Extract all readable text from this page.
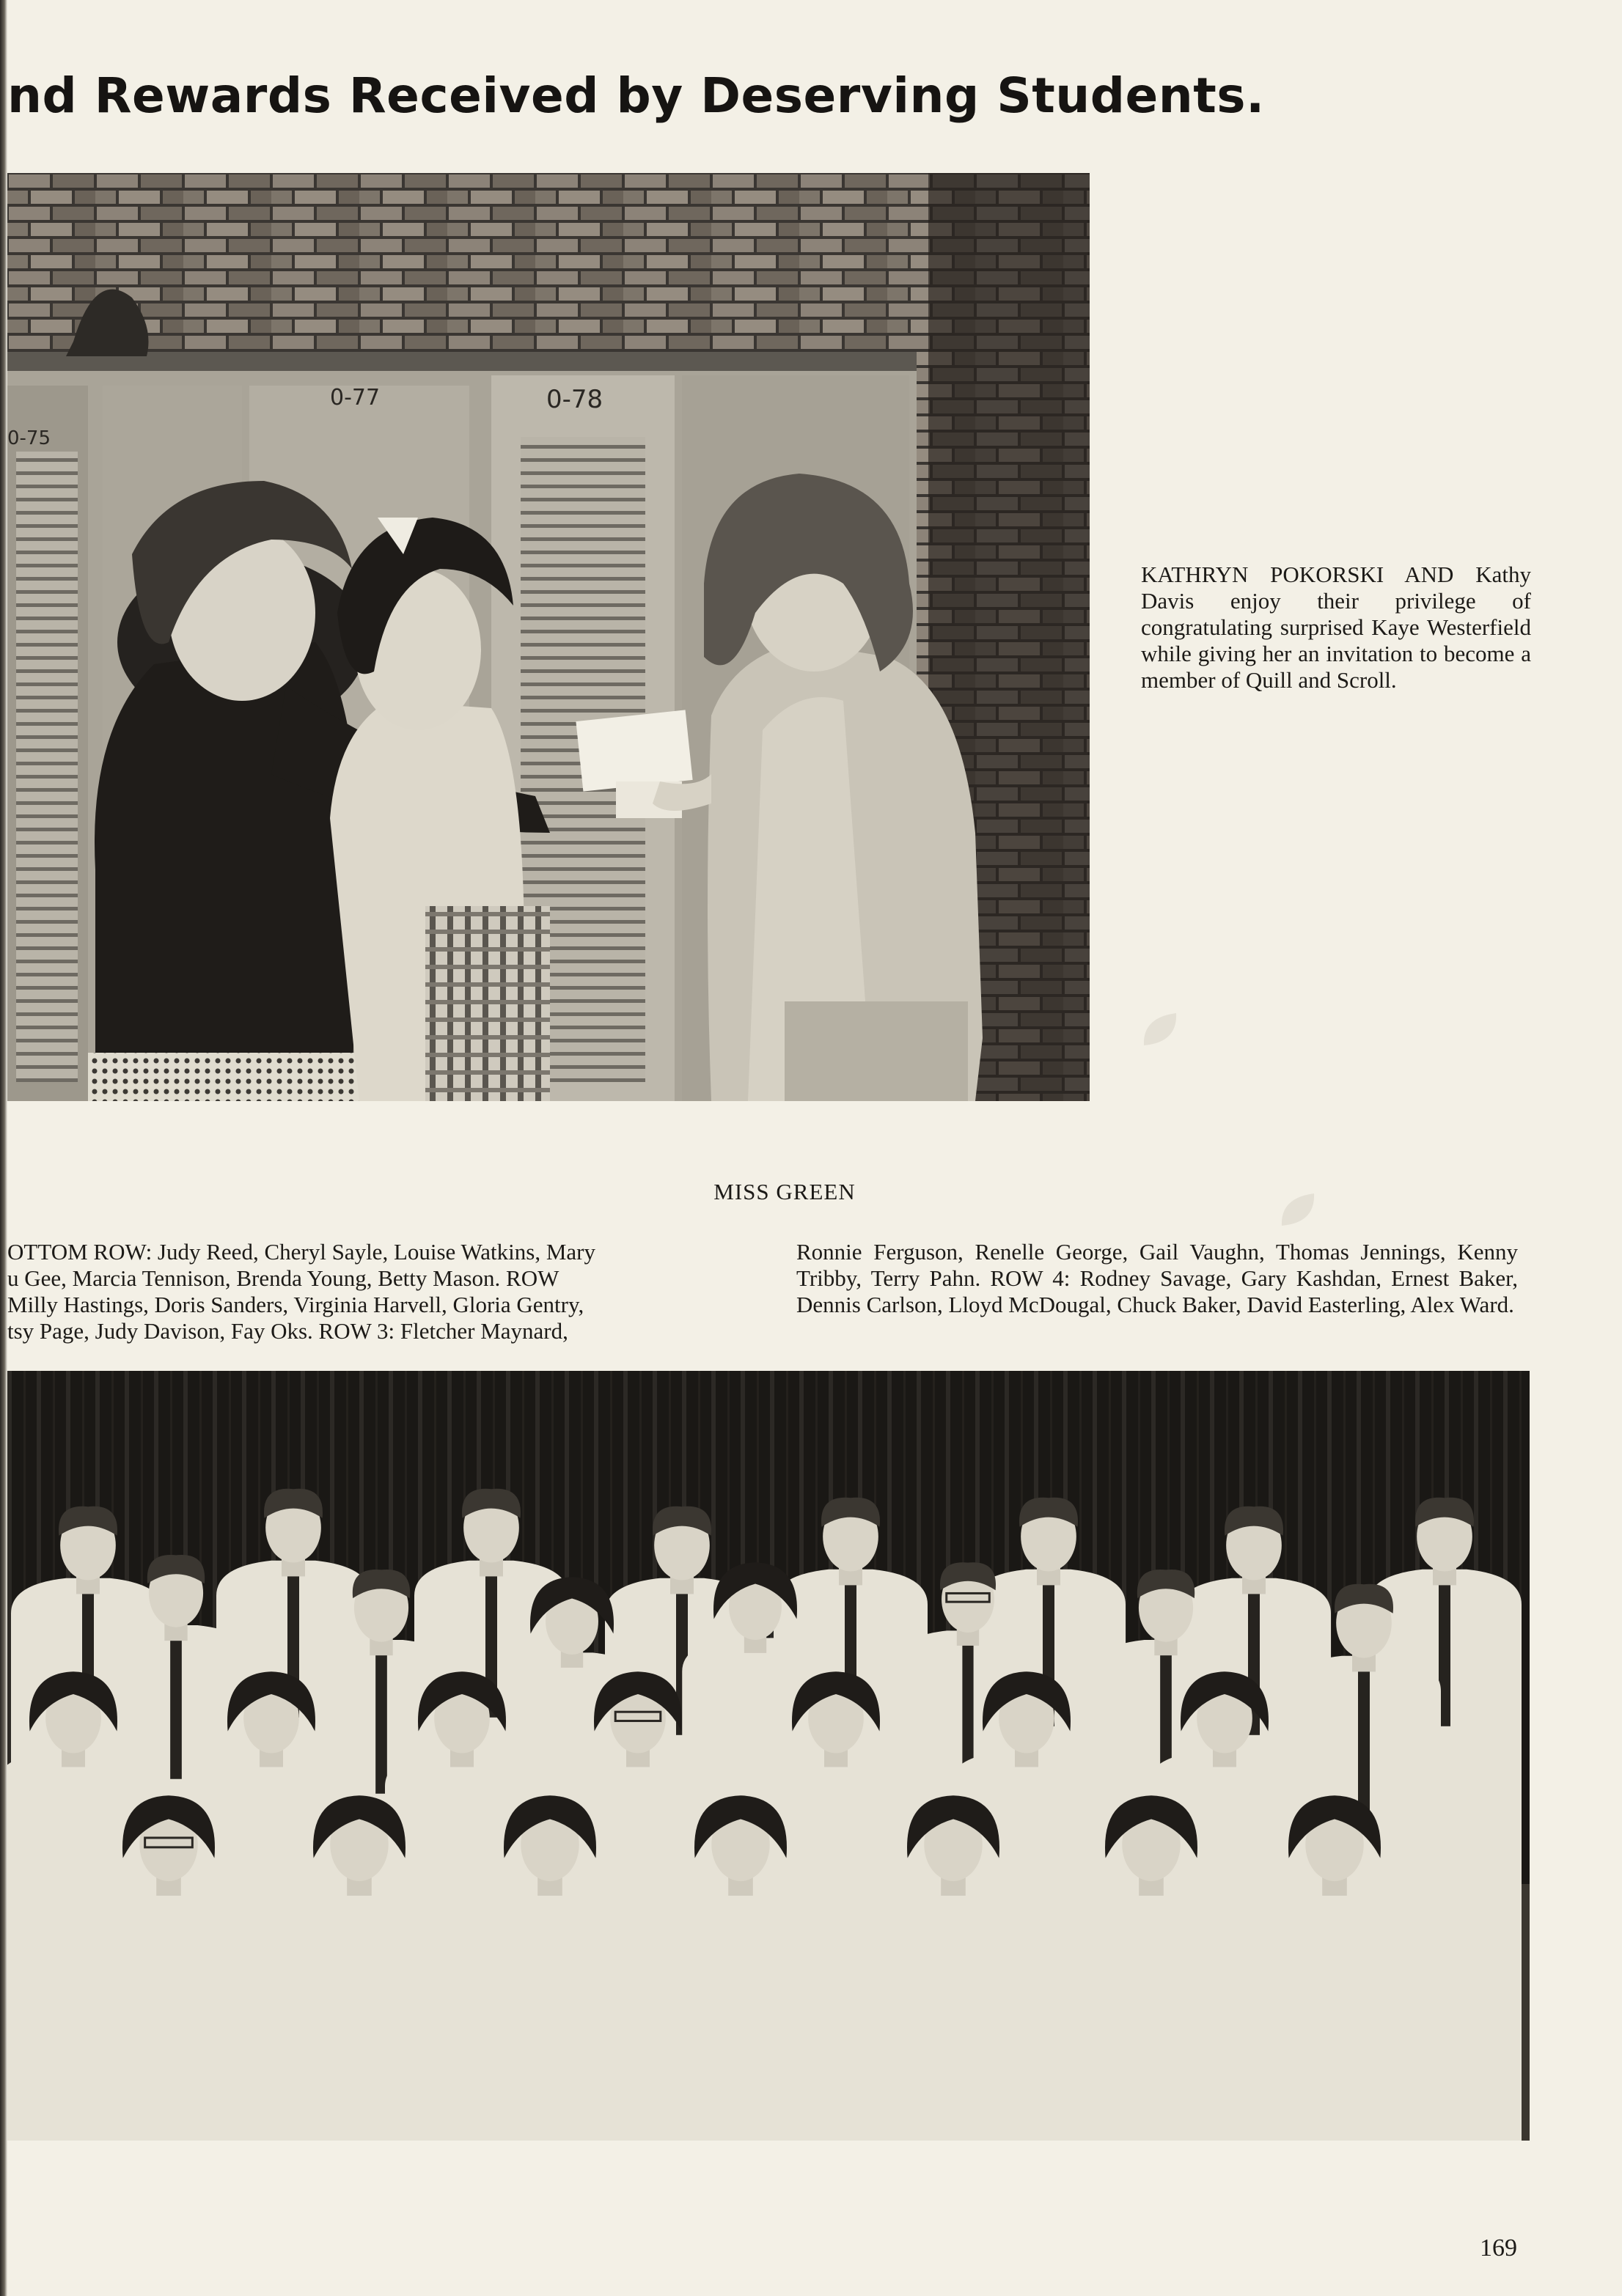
nd Rewards Received by Deserving Students.
0-78
0-77
0-75
KATHRYN POKORSKI AND Kathy Davis enjoy their privilege of congratulating surprised Kaye Westerfield while giving her an invitation to become a member of Quill and Scroll.
MISS GREEN
OTTOM ROW: Judy Reed, Cheryl Sayle, Louise Watkins, Mary
u Gee, Marcia Tennison, Brenda Young, Betty Mason. ROW
Milly Hastings, Doris Sanders, Virginia Harvell, Gloria Gentry,
tsy Page, Judy Davison, Fay Oks. ROW 3: Fletcher Maynard,
Ronnie Ferguson, Renelle George, Gail Vaughn, Thomas Jennings, Kenny Tribby, Terry Pahn. ROW 4: Rodney Savage, Gary Kashdan, Ernest Baker, Dennis Carlson, Lloyd McDougal, Chuck Baker, David Easterling, Alex Ward.
169
